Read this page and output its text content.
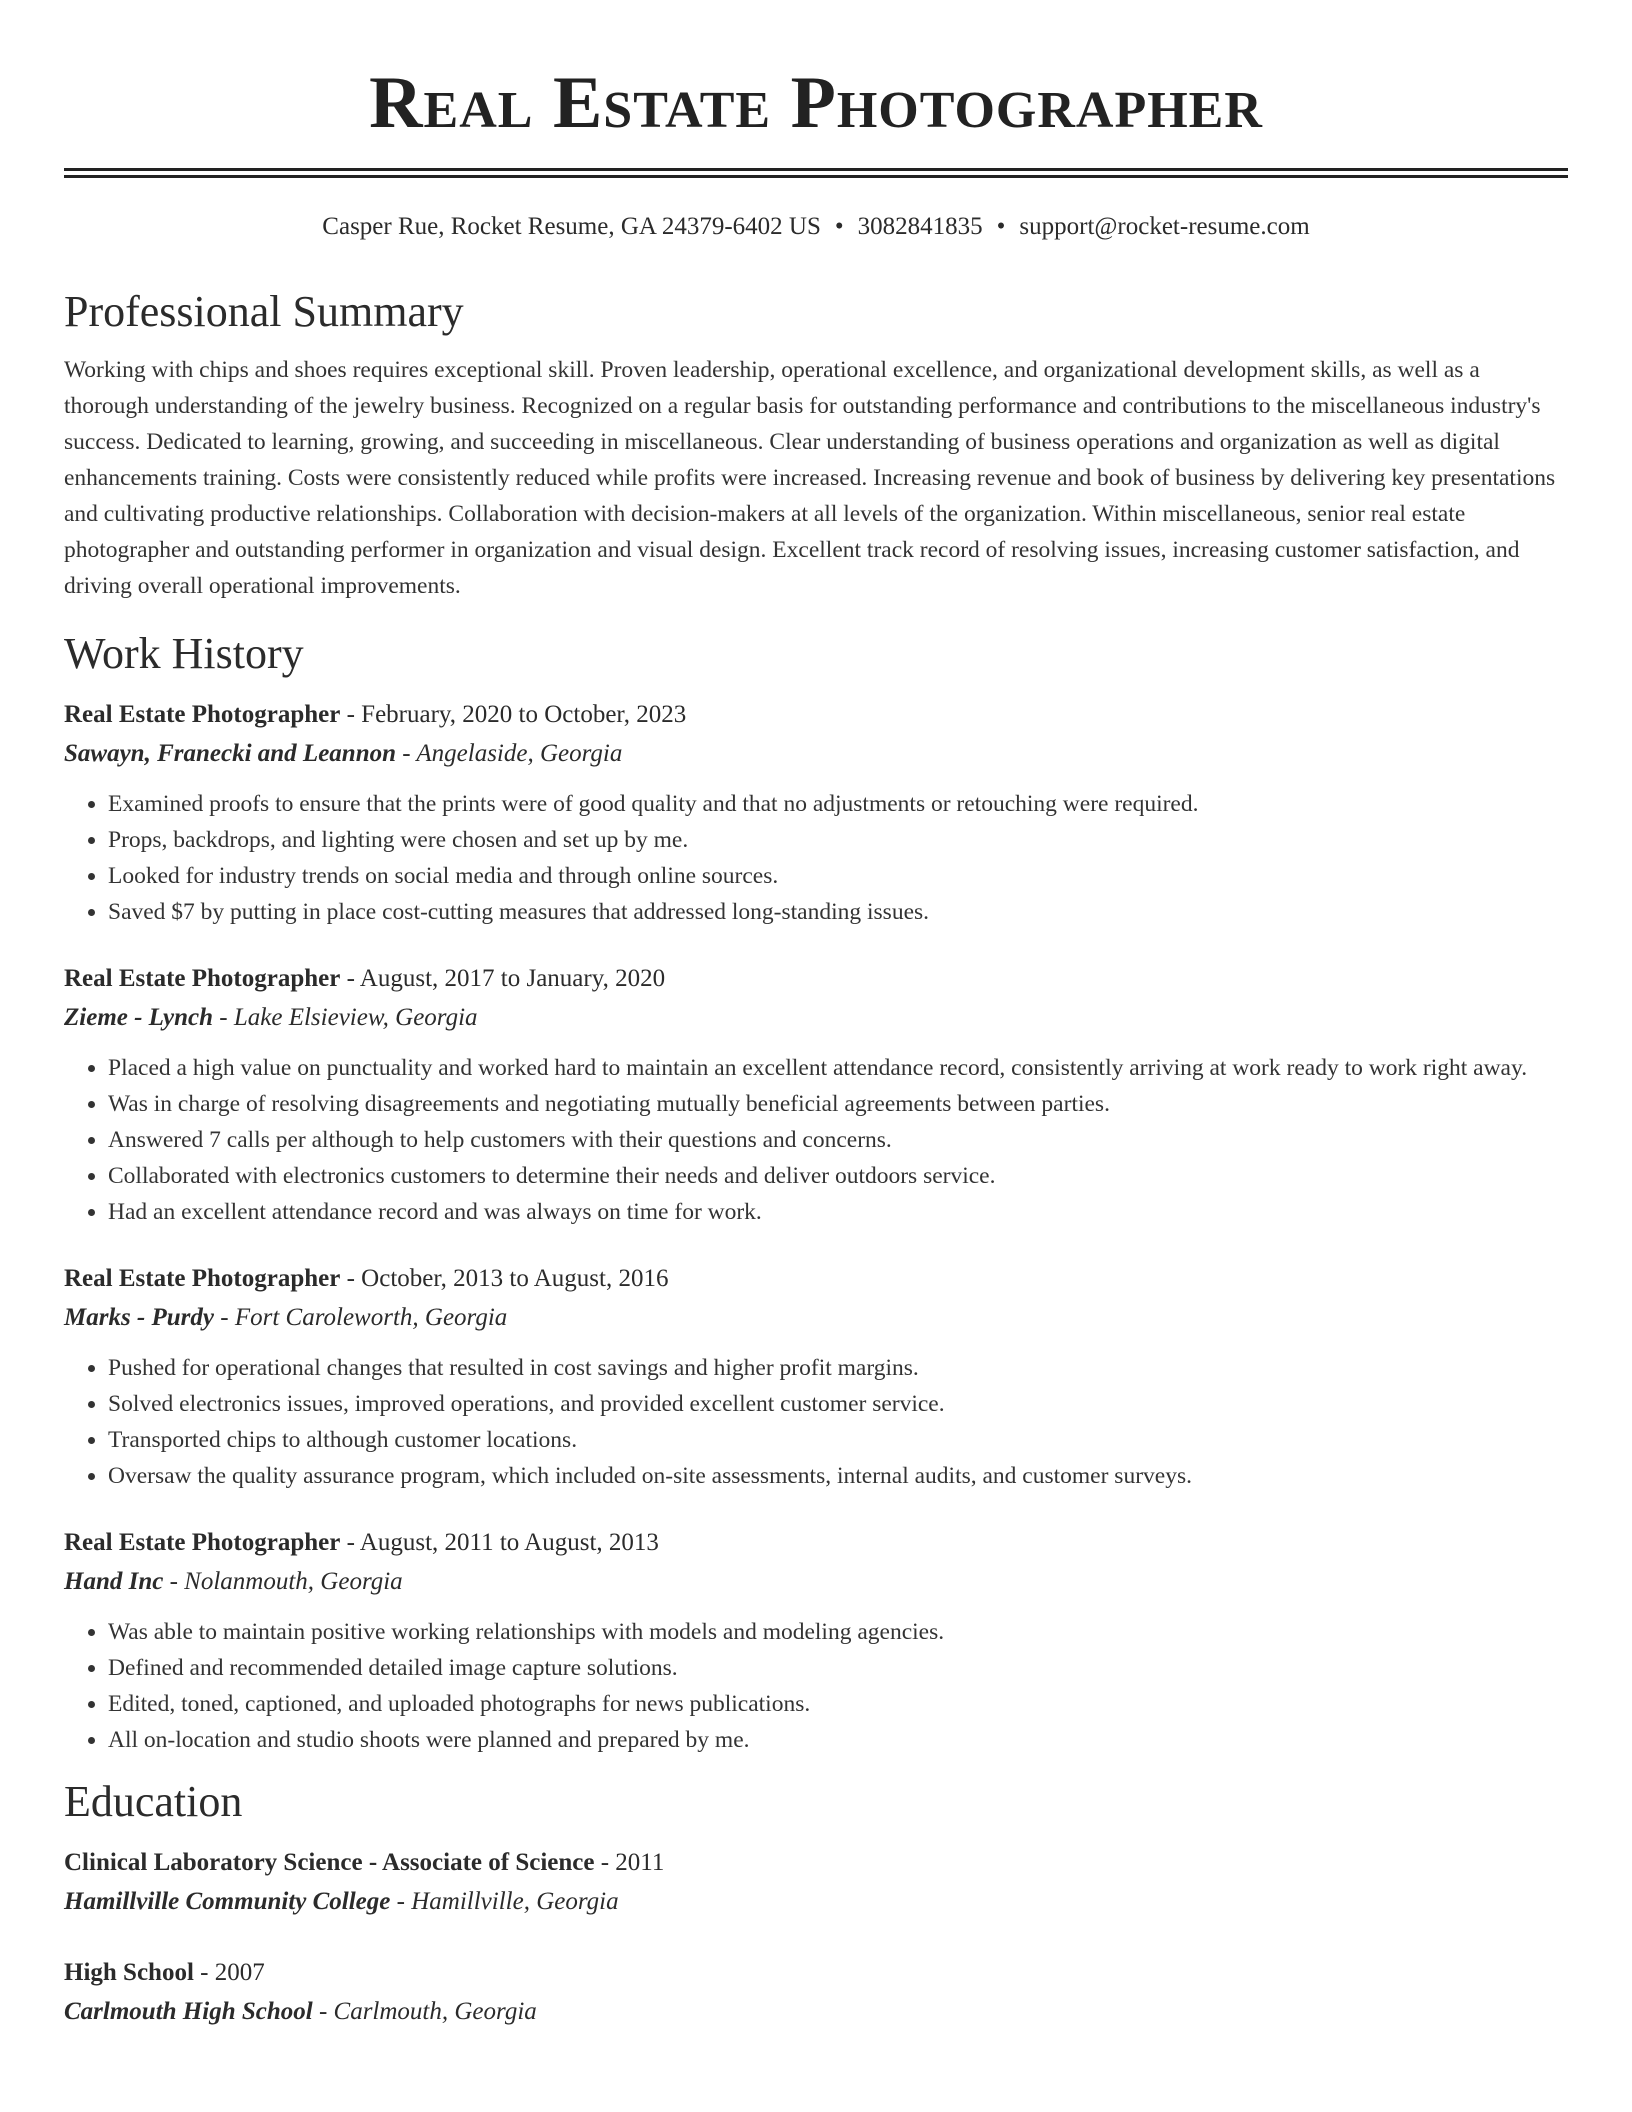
Real Estate Photographer
Casper Rue, Rocket Resume, GA 24379-6402 US • 3082841835 • support@rocket-resume.com
Professional Summary

Working with chips and shoes requires exceptional skill. Proven leadership, operational excellence, and organizational development skills, as well as a thorough understanding of the jewelry business. Recognized on a regular basis for outstanding performance and contributions to the miscellaneous industry's success. Dedicated to learning, growing, and succeeding in miscellaneous. Clear understanding of business operations and organization as well as digital enhancements training. Costs were consistently reduced while profits were increased. Increasing revenue and book of business by delivering key presentations and cultivating productive relationships. Collaboration with decision-makers at all levels of the organization. Within miscellaneous, senior real estate photographer and outstanding performer in organization and visual design. Excellent track record of resolving issues, increasing customer satisfaction, and driving overall operational improvements.

Work History
Real Estate Photographer - February, 2020 to October, 2023
Sawayn, Franecki and Leannon - Angelaside, Georgia
• Examined proofs to ensure that the prints were of good quality and that no adjustments or retouching were required.
• Props, backdrops, and lighting were chosen and set up by me.
• Looked for industry trends on social media and through online sources.
• Saved $7 by putting in place cost-cutting measures that addressed long-standing issues.
Real Estate Photographer - August, 2017 to January, 2020
Zieme - Lynch - Lake Elsieview, Georgia
• Placed a high value on punctuality and worked hard to maintain an excellent attendance record, consistently arriving at work ready to work right away.
• Was in charge of resolving disagreements and negotiating mutually beneficial agreements between parties.
• Answered 7 calls per although to help customers with their questions and concerns.
• Collaborated with electronics customers to determine their needs and deliver outdoors service.
• Had an excellent attendance record and was always on time for work.
Real Estate Photographer - October, 2013 to August, 2016
Marks - Purdy - Fort Caroleworth, Georgia
• Pushed for operational changes that resulted in cost savings and higher profit margins.
• Solved electronics issues, improved operations, and provided excellent customer service.
• Transported chips to although customer locations.
• Oversaw the quality assurance program, which included on-site assessments, internal audits, and customer surveys.
Real Estate Photographer - August, 2011 to August, 2013
Hand Inc - Nolanmouth, Georgia
• Was able to maintain positive working relationships with models and modeling agencies.
• Defined and recommended detailed image capture solutions.
• Edited, toned, captioned, and uploaded photographs for news publications.
• All on-location and studio shoots were planned and prepared by me.
Education
Clinical Laboratory Science - Associate of Science - 2011
Hamillville Community College - Hamillville, Georgia
High School - 2007
Carlmouth High School - Carlmouth, Georgia
